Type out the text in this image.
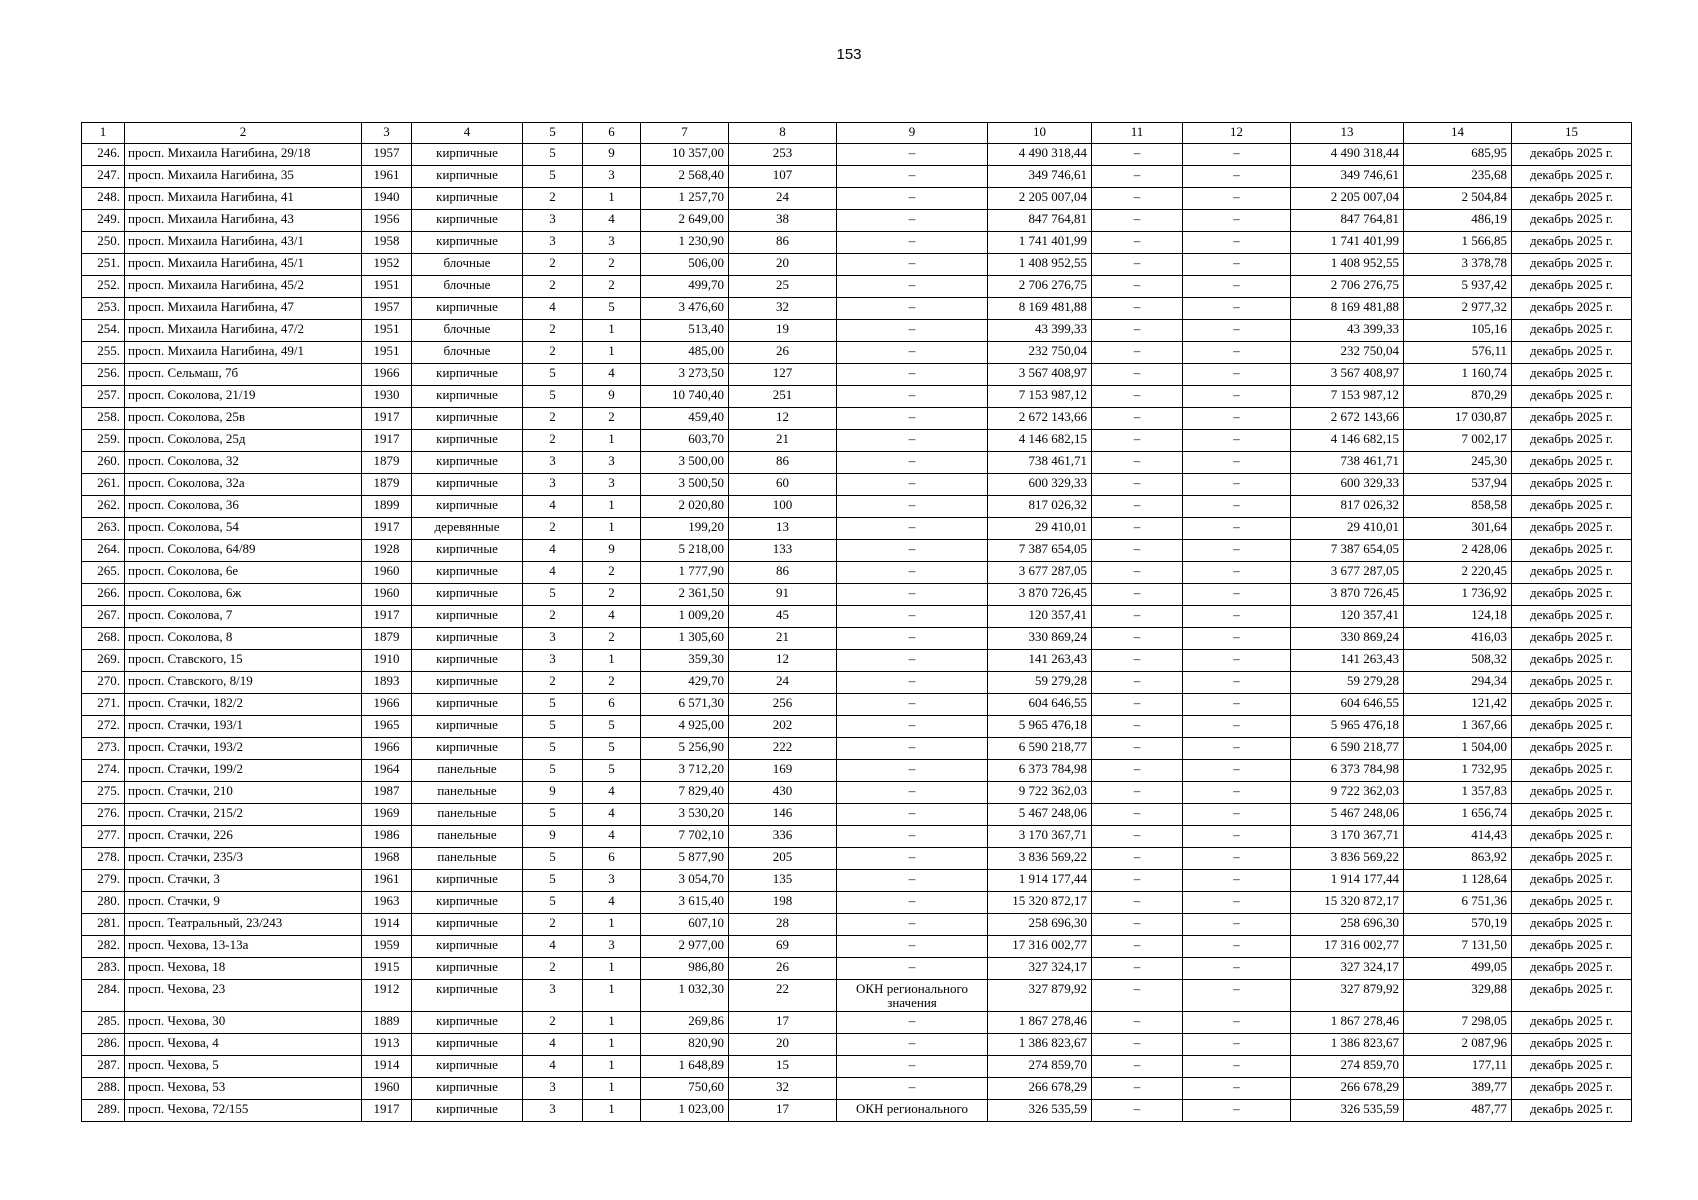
153
1	2	3	4	5	6	7	8	9	10	11	12	13	14	15
246.	просп. Михаила Нагибина, 29/18	1957	кирпичные	5	9	10 357,00	253	–	4 490 318,44	–	–	4 490 318,44	685,95	декабрь 2025 г.
247.	просп. Михаила Нагибина, 35	1961	кирпичные	5	3	2 568,40	107	–	349 746,61	–	–	349 746,61	235,68	декабрь 2025 г.
248.	просп. Михаила Нагибина, 41	1940	кирпичные	2	1	1 257,70	24	–	2 205 007,04	–	–	2 205 007,04	2 504,84	декабрь 2025 г.
249.	просп. Михаила Нагибина, 43	1956	кирпичные	3	4	2 649,00	38	–	847 764,81	–	–	847 764,81	486,19	декабрь 2025 г.
250.	просп. Михаила Нагибина, 43/1	1958	кирпичные	3	3	1 230,90	86	–	1 741 401,99	–	–	1 741 401,99	1 566,85	декабрь 2025 г.
251.	просп. Михаила Нагибина, 45/1	1952	блочные	2	2	506,00	20	–	1 408 952,55	–	–	1 408 952,55	3 378,78	декабрь 2025 г.
252.	просп. Михаила Нагибина, 45/2	1951	блочные	2	2	499,70	25	–	2 706 276,75	–	–	2 706 276,75	5 937,42	декабрь 2025 г.
253.	просп. Михаила Нагибина, 47	1957	кирпичные	4	5	3 476,60	32	–	8 169 481,88	–	–	8 169 481,88	2 977,32	декабрь 2025 г.
254.	просп. Михаила Нагибина, 47/2	1951	блочные	2	1	513,40	19	–	43 399,33	–	–	43 399,33	105,16	декабрь 2025 г.
255.	просп. Михаила Нагибина, 49/1	1951	блочные	2	1	485,00	26	–	232 750,04	–	–	232 750,04	576,11	декабрь 2025 г.
256.	просп. Сельмаш, 7б	1966	кирпичные	5	4	3 273,50	127	–	3 567 408,97	–	–	3 567 408,97	1 160,74	декабрь 2025 г.
257.	просп. Соколова, 21/19	1930	кирпичные	5	9	10 740,40	251	–	7 153 987,12	–	–	7 153 987,12	870,29	декабрь 2025 г.
258.	просп. Соколова, 25в	1917	кирпичные	2	2	459,40	12	–	2 672 143,66	–	–	2 672 143,66	17 030,87	декабрь 2025 г.
259.	просп. Соколова, 25д	1917	кирпичные	2	1	603,70	21	–	4 146 682,15	–	–	4 146 682,15	7 002,17	декабрь 2025 г.
260.	просп. Соколова, 32	1879	кирпичные	3	3	3 500,00	86	–	738 461,71	–	–	738 461,71	245,30	декабрь 2025 г.
261.	просп. Соколова, 32а	1879	кирпичные	3	3	3 500,50	60	–	600 329,33	–	–	600 329,33	537,94	декабрь 2025 г.
262.	просп. Соколова, 36	1899	кирпичные	4	1	2 020,80	100	–	817 026,32	–	–	817 026,32	858,58	декабрь 2025 г.
263.	просп. Соколова, 54	1917	деревянные	2	1	199,20	13	–	29 410,01	–	–	29 410,01	301,64	декабрь 2025 г.
264.	просп. Соколова, 64/89	1928	кирпичные	4	9	5 218,00	133	–	7 387 654,05	–	–	7 387 654,05	2 428,06	декабрь 2025 г.
265.	просп. Соколова, 6е	1960	кирпичные	4	2	1 777,90	86	–	3 677 287,05	–	–	3 677 287,05	2 220,45	декабрь 2025 г.
266.	просп. Соколова, 6ж	1960	кирпичные	5	2	2 361,50	91	–	3 870 726,45	–	–	3 870 726,45	1 736,92	декабрь 2025 г.
267.	просп. Соколова, 7	1917	кирпичные	2	4	1 009,20	45	–	120 357,41	–	–	120 357,41	124,18	декабрь 2025 г.
268.	просп. Соколова, 8	1879	кирпичные	3	2	1 305,60	21	–	330 869,24	–	–	330 869,24	416,03	декабрь 2025 г.
269.	просп. Ставского, 15	1910	кирпичные	3	1	359,30	12	–	141 263,43	–	–	141 263,43	508,32	декабрь 2025 г.
270.	просп. Ставского, 8/19	1893	кирпичные	2	2	429,70	24	–	59 279,28	–	–	59 279,28	294,34	декабрь 2025 г.
271.	просп. Стачки, 182/2	1966	кирпичные	5	6	6 571,30	256	–	604 646,55	–	–	604 646,55	121,42	декабрь 2025 г.
272.	просп. Стачки, 193/1	1965	кирпичные	5	5	4 925,00	202	–	5 965 476,18	–	–	5 965 476,18	1 367,66	декабрь 2025 г.
273.	просп. Стачки, 193/2	1966	кирпичные	5	5	5 256,90	222	–	6 590 218,77	–	–	6 590 218,77	1 504,00	декабрь 2025 г.
274.	просп. Стачки, 199/2	1964	панельные	5	5	3 712,20	169	–	6 373 784,98	–	–	6 373 784,98	1 732,95	декабрь 2025 г.
275.	просп. Стачки, 210	1987	панельные	9	4	7 829,40	430	–	9 722 362,03	–	–	9 722 362,03	1 357,83	декабрь 2025 г.
276.	просп. Стачки, 215/2	1969	панельные	5	4	3 530,20	146	–	5 467 248,06	–	–	5 467 248,06	1 656,74	декабрь 2025 г.
277.	просп. Стачки, 226	1986	панельные	9	4	7 702,10	336	–	3 170 367,71	–	–	3 170 367,71	414,43	декабрь 2025 г.
278.	просп. Стачки, 235/3	1968	панельные	5	6	5 877,90	205	–	3 836 569,22	–	–	3 836 569,22	863,92	декабрь 2025 г.
279.	просп. Стачки, 3	1961	кирпичные	5	3	3 054,70	135	–	1 914 177,44	–	–	1 914 177,44	1 128,64	декабрь 2025 г.
280.	просп. Стачки, 9	1963	кирпичные	5	4	3 615,40	198	–	15 320 872,17	–	–	15 320 872,17	6 751,36	декабрь 2025 г.
281.	просп. Театральный, 23/243	1914	кирпичные	2	1	607,10	28	–	258 696,30	–	–	258 696,30	570,19	декабрь 2025 г.
282.	просп. Чехова, 13-13а	1959	кирпичные	4	3	2 977,00	69	–	17 316 002,77	–	–	17 316 002,77	7 131,50	декабрь 2025 г.
283.	просп. Чехова, 18	1915	кирпичные	2	1	986,80	26	–	327 324,17	–	–	327 324,17	499,05	декабрь 2025 г.
284.	просп. Чехова, 23	1912	кирпичные	3	1	1 032,30	22	ОКН регионального значения	327 879,92	–	–	327 879,92	329,88	декабрь 2025 г.
285.	просп. Чехова, 30	1889	кирпичные	2	1	269,86	17	–	1 867 278,46	–	–	1 867 278,46	7 298,05	декабрь 2025 г.
286.	просп. Чехова, 4	1913	кирпичные	4	1	820,90	20	–	1 386 823,67	–	–	1 386 823,67	2 087,96	декабрь 2025 г.
287.	просп. Чехова, 5	1914	кирпичные	4	1	1 648,89	15	–	274 859,70	–	–	274 859,70	177,11	декабрь 2025 г.
288.	просп. Чехова, 53	1960	кирпичные	3	1	750,60	32	–	266 678,29	–	–	266 678,29	389,77	декабрь 2025 г.
289.	просп. Чехова, 72/155	1917	кирпичные	3	1	1 023,00	17	ОКН регионального	326 535,59	–	–	326 535,59	487,77	декабрь 2025 г.
